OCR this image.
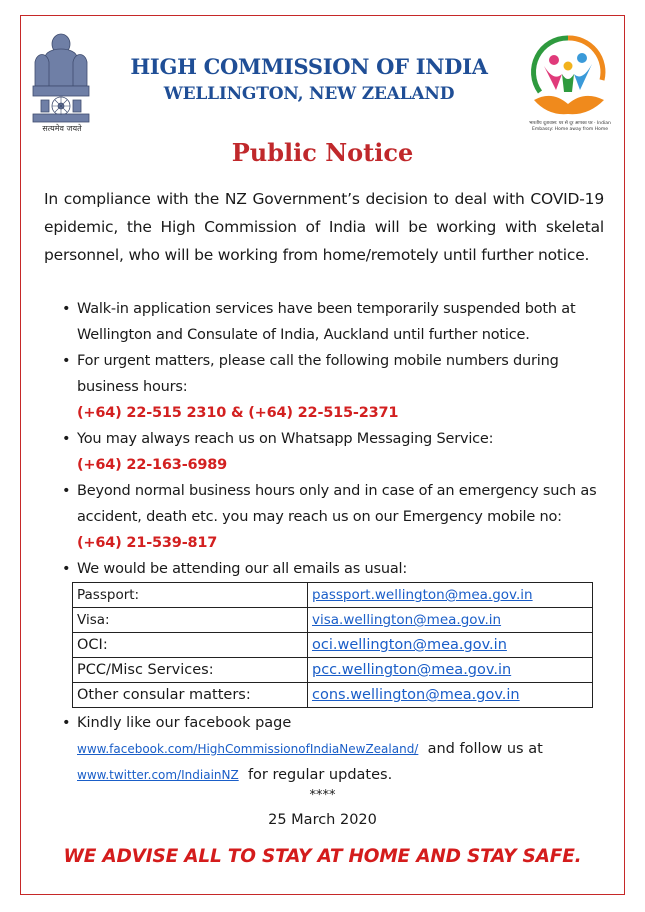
सत्यमेव जयते
HIGH COMMISSION OF INDIA
WELLINGTON, NEW ZEALAND
भारतीय दूतावास: घर से दूर आपका घर · Indian Embassy: Home away from Home
Public Notice
In compliance with the NZ Government’s decision to deal with COVID-19 epidemic, the High Commission of India will be working with skeletal personnel, who will be working from home/remotely until further notice.
• Walk-in application services have been temporarily suspended both at Wellington and Consulate of India, Auckland until further notice.
• For urgent matters, please call the following mobile numbers during business hours:
(+64) 22-515 2310 & (+64) 22-515-2371
• You may always reach us on Whatsapp Messaging Service:
(+64) 22-163-6989
• Beyond normal business hours only and in case of an emergency such as accident, death etc. you may reach us on our Emergency mobile no: (+64) 21-539-817
• We would be attending our all emails as usual:
Passport:	passport.wellington@mea.gov.in
Visa:	visa.wellington@mea.gov.in
OCI:	oci.wellington@mea.gov.in
PCC/Misc Services:	pcc.wellington@mea.gov.in
Other consular matters:	cons.wellington@mea.gov.in
• Kindly like our facebook page
www.facebook.com/HighCommissionofIndiaNewZealand/ and follow us at
www.twitter.com/IndiainNZ for regular updates.
****
25 March 2020
WE ADVISE ALL TO STAY AT HOME AND STAY SAFE.
